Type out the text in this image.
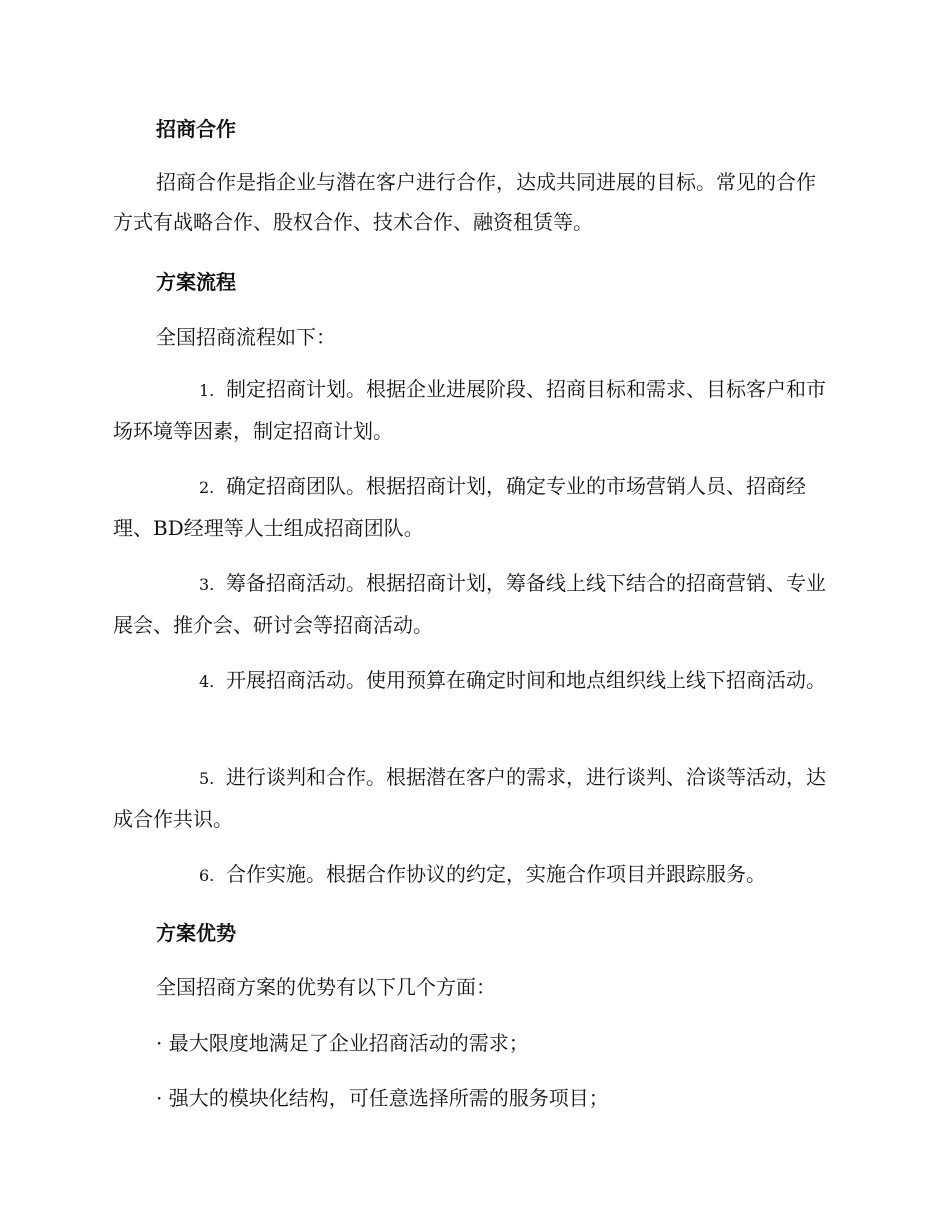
招商合作
招商合作是指企业与潜在客户进行合作，达成共同进展的目标。常见的合作方式有战略合作、股权合作、技术合作、融资租赁等。
方案流程
全国招商流程如下：
1. 制定招商计划。根据企业进展阶段、招商目标和需求、目标客户和市场环境等因素，制定招商计划。
2. 确定招商团队。根据招商计划，确定专业的市场营销人员、招商经理、BD经理等人士组成招商团队。
3. 筹备招商活动。根据招商计划，筹备线上线下结合的招商营销、专业展会、推介会、研讨会等招商活动。
4. 开展招商活动。使用预算在确定时间和地点组织线上线下招商活动。
5. 进行谈判和合作。根据潜在客户的需求，进行谈判、洽谈等活动，达成合作共识。
6. 合作实施。根据合作协议的约定，实施合作项目并跟踪服务。
方案优势
全国招商方案的优势有以下几个方面：
· 最大限度地满足了企业招商活动的需求；
· 强大的模块化结构，可任意选择所需的服务项目；
